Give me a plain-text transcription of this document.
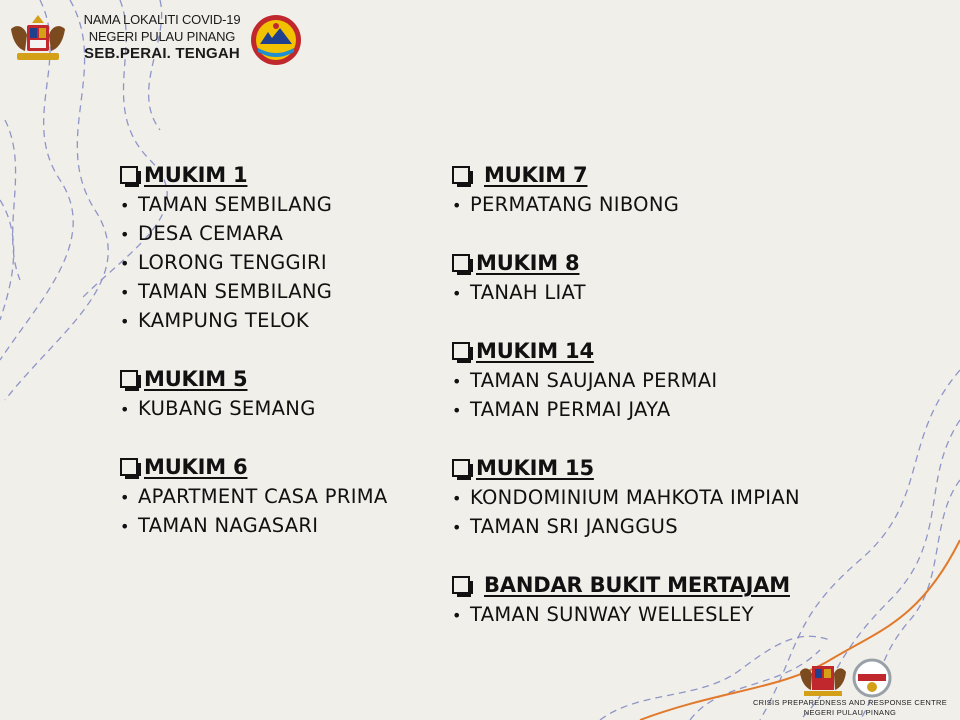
NAMA LOKALITI COVID-19
NEGERI PULAU PINANG
SEB.PERAI. TENGAH
MUKIM 1
• TAMAN SEMBILANG
• DESA CEMARA
• LORONG TENGGIRI
• TAMAN SEMBILANG
• KAMPUNG TELOK
MUKIM 5
• KUBANG SEMANG
MUKIM 6
• APARTMENT CASA PRIMA
• TAMAN NAGASARI
MUKIM 7
• PERMATANG NIBONG
MUKIM 8
• TANAH LIAT
MUKIM 14
• TAMAN SAUJANA PERMAI
• TAMAN PERMAI JAYA
MUKIM 15
• KONDOMINIUM MAHKOTA IMPIAN
• TAMAN SRI JANGGUS
BANDAR BUKIT MERTAJAM
• TAMAN SUNWAY WELLESLEY
CRISIS PREPAREDNESS AND RESPONSE CENTRE
NEGERI PULAU PINANG
